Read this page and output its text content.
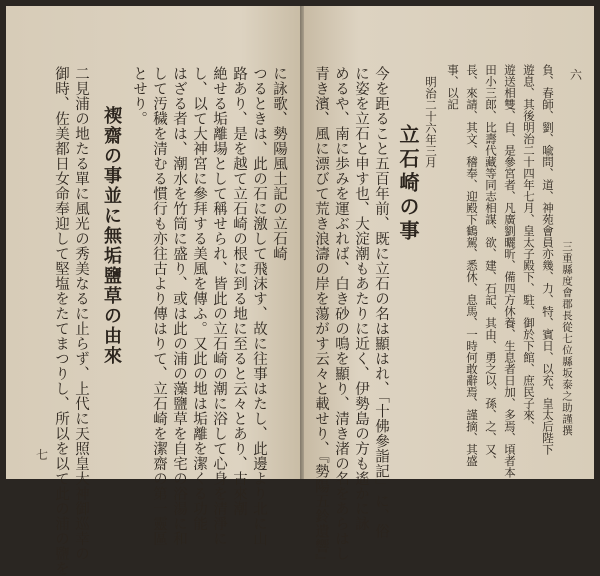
六
負、春師、劉、喩問、道、神苑會員亦幾、力、特、賓日、以充、皇太后陛下
遊息、其後明治二十四年七月、皇太子殿下、駐、御於下館、庶民子來、
遊送相雙、自、是參宮者、凡廣劉曬昕、備四方休養、生息者日加、多焉、頃者本
田小三郎、比壽代藏等同志相謀、欲、建、石記、其由、勇之以、孫、之、又、
長、來請、其文、稽奉、迎殿下鶴駕、悉休、息馬、一時何敢辭焉、謹摘、其盛
事、以記
明治二十六年三月
三重縣度會郡長從七位縣坂泰之助謹撰
立石崎の事
今を距ること五百年前、既に立石の名は顯はれ、「十佛參詣記」に、俗
に姿を立石と申す也、大淀潮もあたりに近く、伊勢島の方も遙かに詠
めるや、南に歩みを運ぶれば、白き砂の鳴を顯り、清き渚の名をあらはし
青き濱、風に漂びて荒き浪濤の岸を蕩がす云々と載せり、『勢陽五鈴遺響』
七
に詠歌、勢陽風土記の立石崎
つるときは、此の石に激して飛沫す、故に往事はたし、此邊より北に山
路あり、是を越て立石崎の根に到る地に至ると云々とあり、古來潮
絶せる垢離場として稱せられ、皆此の立石崎の潮に浴して心身を清淨に
し、以て大神宮に參拜する美風を傳ふ。又此の地は垢離を潔くる功能
はざる者は、潮水を竹筒に盛り、或は此の浦の藻鹽草を自宅の浴湯に和
して汚穢を清むる慣行も亦往古より傳はりて、立石崎を潔齋の第一靈區
とせり。
禊齋の事並に無垢鹽草の由來
二見浦の地たる單に風光の秀美なるに止らず、上代に天照皇大神御巡幸の
御時、佐美都日女命奉迎して堅塩をたてまつりし、所以を以て此の浦の鹽を
